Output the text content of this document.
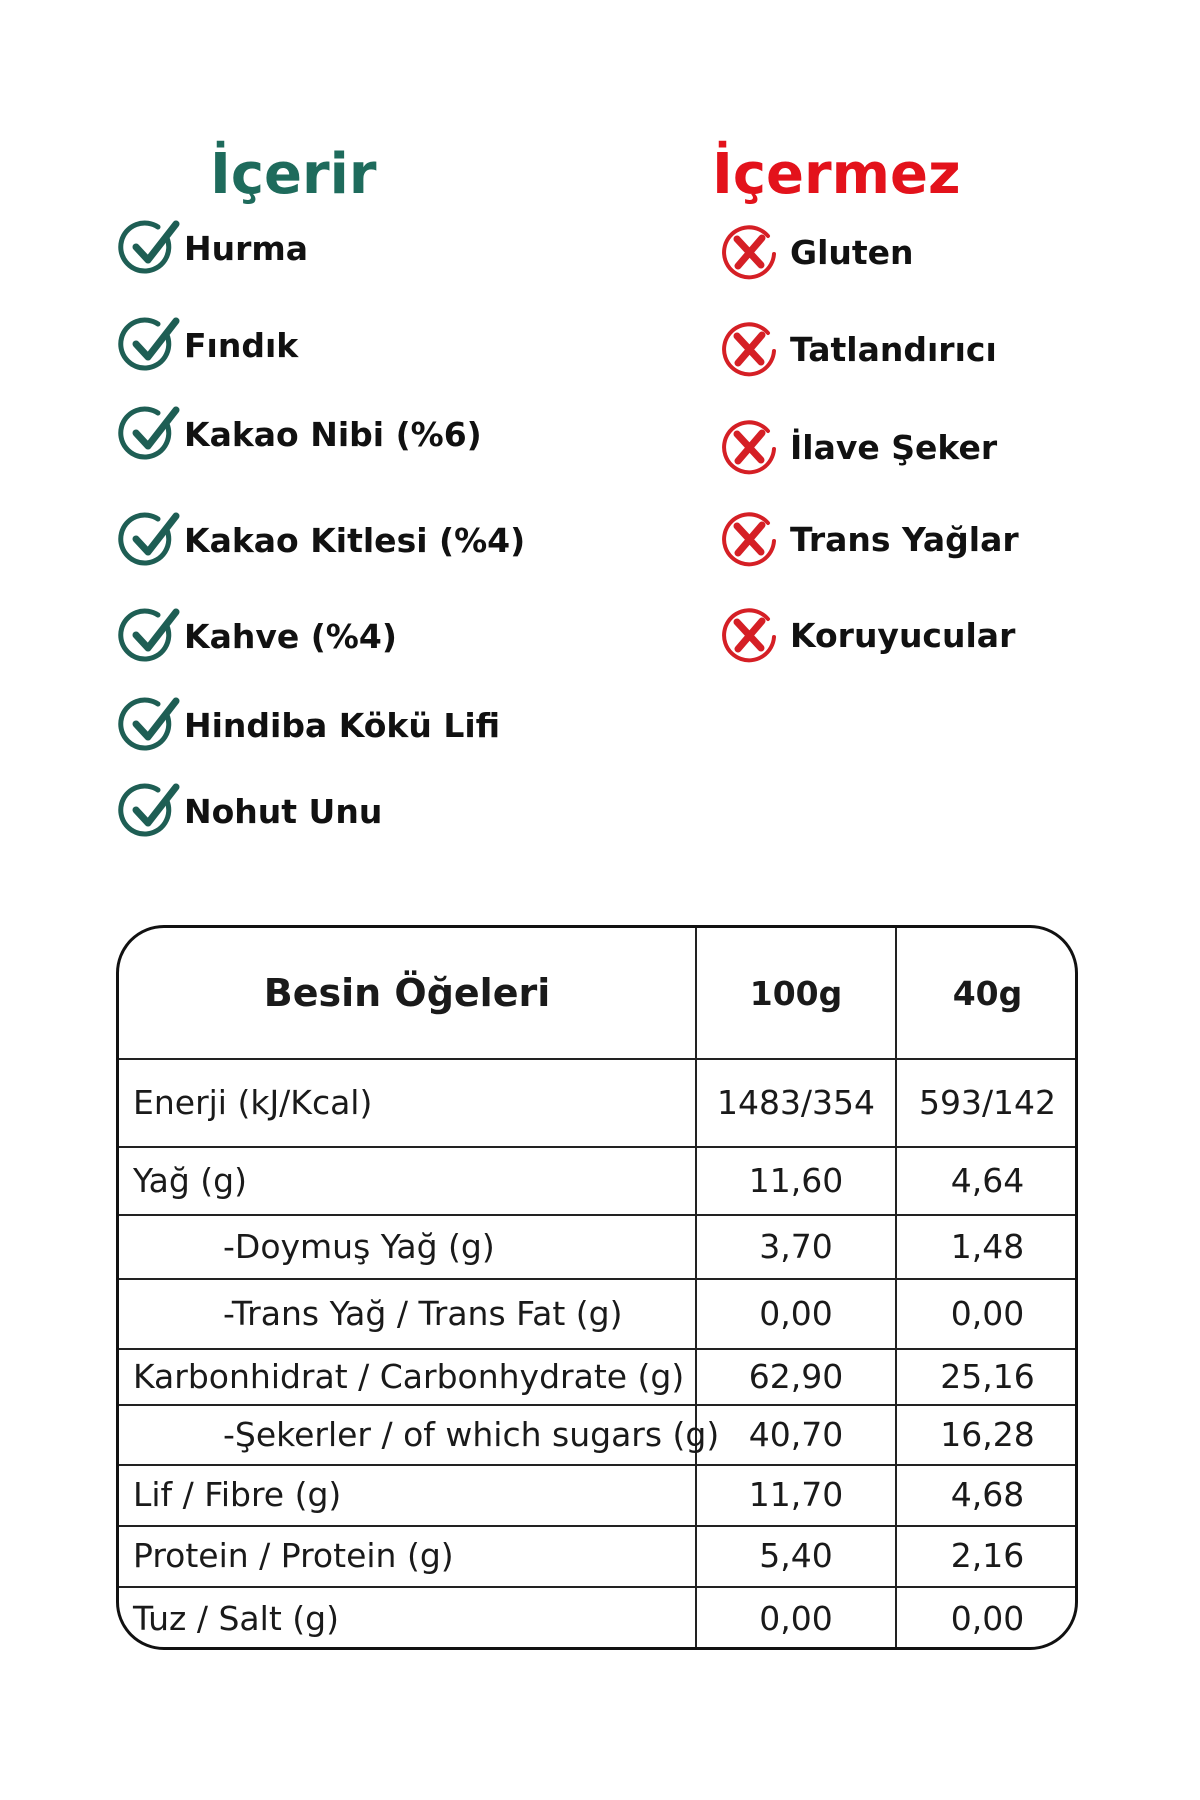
İçerir	İçermez
Hurma
Fındık
Kakao Nibi (%6)
Kakao Kitlesi (%4)
Kahve (%4)
Hindiba Kökü Lifi
Nohut Unu
Gluten
Tatlandırıcı
İlave Şeker
Trans Yağlar
Koruyucular
Besin Öğeleri	100g	40g
Enerji (kJ/Kcal)	1483/354	593/142
Yağ (g)	11,60	4,64
-Doymuş Yağ (g)	3,70	1,48
-Trans Yağ / Trans Fat (g)	0,00	0,00
Karbonhidrat / Carbonhydrate (g)	62,90	25,16
-Şekerler / of which sugars (g) 40,70	16,28
Lif / Fibre (g)	11,70	4,68
Protein / Protein (g)	5,40	2,16
Tuz / Salt (g)	0,00	0,00
